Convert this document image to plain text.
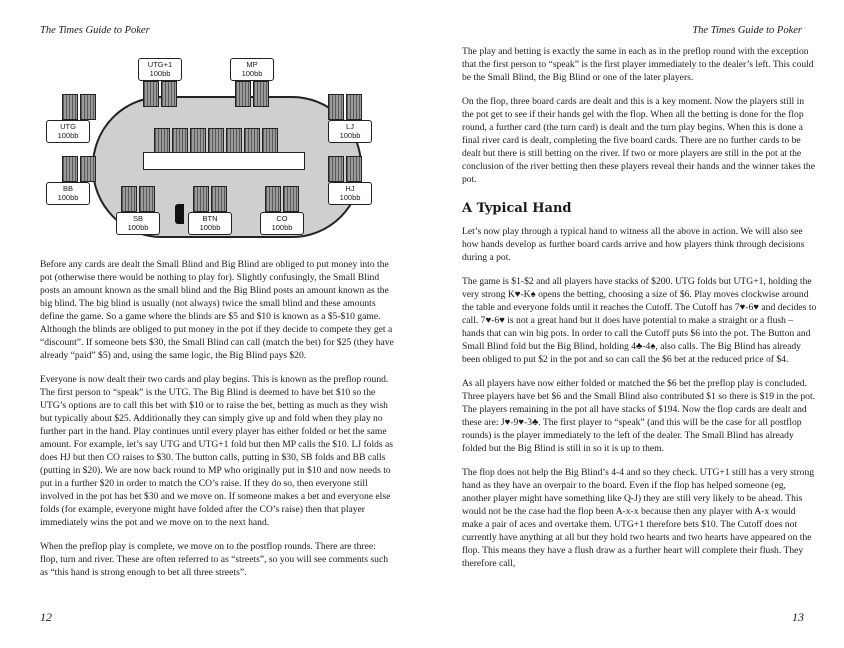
The Times Guide to Poker
UTG+1
100bb
MP
100bb
UTG
100bb
LJ
100bb
BB
100bb
HJ
100bb
SB
100bb
BTN
100bb
CO
100bb

Before any cards are dealt the Small Blind and Big Blind are obliged to put money into the pot (otherwise there would be nothing to play for). Slightly confusingly, the Small Blind posts an amount known as the small blind and the Big Blind posts an amount known as the big blind. The big blind is usually (not always) twice the small blind and these amounts define the game. So a game where the blinds are $5 and $10 is known as a $5-$10 game. Although the blinds are obliged to put money in the pot if they decide to compete they get a “discount”. If someone bets $30, the Small Blind can call (match the bet) for $25 (they have already “paid” $5) and, using the same logic, the Big Blind pays $20.

Everyone is now dealt their two cards and play begins. This is known as the preflop round. The first person to “speak” is the UTG. The Big Blind is deemed to have bet $10 so the UTG’s options are to call this bet with $10 or to raise the bet, betting as much as they wish but typically about $25. Additionally they can simply give up and fold when they play no further part in the hand. Play continues until every player has either folded or bet the same amount. For example, let’s say UTG and UTG+1 fold but then MP calls the $10. LJ folds as does HJ but then CO raises to $30. The button calls, putting in $30, SB folds and BB calls (putting in $20). We are now back round to MP who originally put in $10 and now needs to put in a further $20 in order to match the CO’s raise. If they do so, then everyone still involved in the pot has bet $30 and we move on. If someone makes a bet and everyone else folds (for example, everyone might have folded after the CO’s raise) then that player immediately wins the pot and we move on to the next hand.

When the preflop play is complete, we move on to the postflop rounds. There are three: flop, turn and river. These are often referred to as “streets”, so you will see comments such as “this hand is strong enough to bet all three streets”.

12
The Times Guide to Poker

The play and betting is exactly the same in each as in the preflop round with the exception that the first person to “speak” is the first player immediately to the dealer’s left. This could be the Small Blind, the Big Blind or one of the later players.

On the flop, three board cards are dealt and this is a key moment. Now the players still in the pot get to see if their hands gel with the flop. When all the betting is done for the flop round, a further card (the turn card) is dealt and the turn play begins. When this is done a final river card is dealt, completing the five board cards. There are no further cards to be dealt but there is still betting on the river. If two or more players are still in the pot at the conclusion of the river betting then these players reveal their hands and the winner takes the pot.

A Typical Hand

Let’s now play through a typical hand to witness all the above in action. We will also see how hands develop as further board cards arrive and how players think through decisions during a pot.

The game is $1-$2 and all players have stacks of $200. UTG folds but UTG+1, holding the very strong K♥-K♠ opens the betting, choosing a size of $6. Play moves clockwise around the table and everyone folds until it reaches the Cutoff. The Cutoff has 7♥-6♥ and decides to call. 7♥-6♥ is not a great hand but it does have potential to make a straight or a flush – hands that can win big pots. In order to call the Cutoff puts $6 into the pot. The Button and Small Blind fold but the Big Blind, holding 4♣-4♠, also calls. The Big Blind has already been obliged to put $2 in the pot and so can call the $6 bet at the reduced price of $4.

As all players have now either folded or matched the $6 bet the preflop play is concluded. Three players have bet $6 and the Small Blind also contributed $1 so there is $19 in the pot. The players remaining in the pot all have stacks of $194. Now the flop cards are dealt and these are: J♥-9♥-3♣. The first player to “speak” (and this will be the case for all postflop rounds) is the player immediately to the left of the dealer. The Small Blind has already folded but the Big Blind is still in so it is up to them.

The flop does not help the Big Blind’s 4-4 and so they check. UTG+1 still has a very strong hand as they have an overpair to the board. Even if the flop has helped someone (eg, another player might have something like Q-J) they are still very likely to be ahead. This would not be the case had the flop been A-x-x because then any player with A-x would make a pair of aces and overtake them. UTG+1 therefore bets $10. The Cutoff does not currently have anything at all but they hold two hearts and two hearts have appeared on the flop. This means they have a flush draw as a further heart will complete their flush. They therefore call,

13
